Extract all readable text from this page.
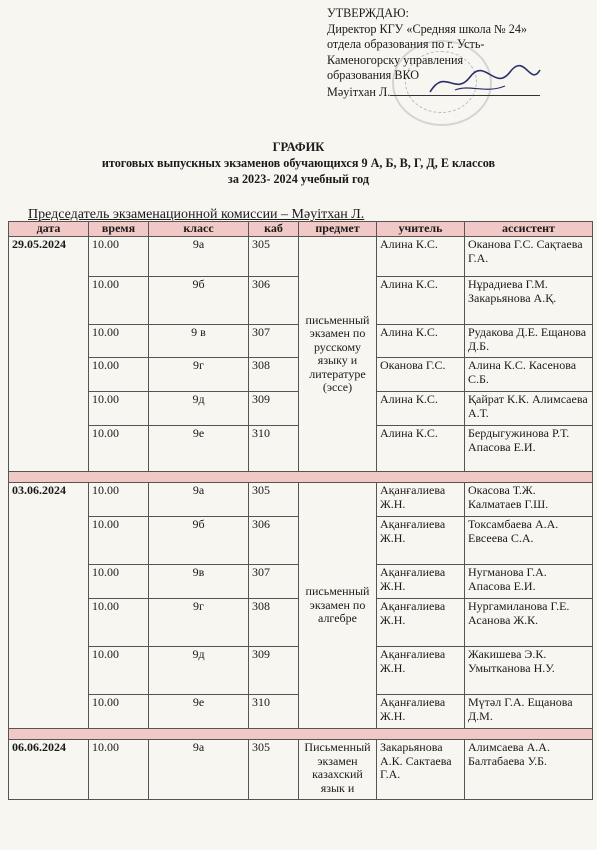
УТВЕРЖДАЮ:
Директор КГУ «Средняя школа № 24»
отдела образования по г. Усть-
Каменогорску управления
образования ВКО
Мәуітхан Л.
ГРАФИК
итоговых выпускных экзаменов обучающихся 9 А, Б, В, Г, Д, Е классов
за 2023- 2024 учебный год
Председатель экзаменационной комиссии – Мәуітхан Л.
дата	время	класс	каб	предмет	учитель	ассистент
29.05.2024	10.00	9а	305	письменный экзамен по русскому языку и литературе (эссе)	Алина К.С.	Оканова Г.С. Сақтаева Г.А.
	10.00	9б	306		Алина К.С.	Нұрадиева Г.М. Закарьянова А.Қ.
	10.00	9 в	307		Алина К.С.	Рудакова Д.Е. Ещанова Д.Б.
	10.00	9г	308		Оканова Г.С.	Алина К.С. Касенова С.Б.
	10.00	9д	309		Алина К.С.	Қайрат К.К. Алимсаева А.Т.
	10.00	9е	310		Алина К.С.	Бердыгужинова Р.Т. Апасова Е.И.

03.06.2024	10.00	9а	305	письменный экзамен по алгебре	Ақанғалиева Ж.Н.	Окасова Т.Ж. Калматаев Г.Ш.
	10.00	9б	306		Ақанғалиева Ж.Н.	Токсамбаева А.А. Евсеева С.А.
	10.00	9в	307		Ақанғалиева Ж.Н.	Нугманова Г.А. Апасова Е.И.
	10.00	9г	308		Ақанғалиева Ж.Н.	Нургамиланова Г.Е. Асанова Ж.К.
	10.00	9д	309		Ақанғалиева Ж.Н.	Жакишева Э.К. Умытканова Н.У.
	10.00	9е	310		Ақанғалиева Ж.Н.	Мүтәл Г.А. Ещанова Д.М.

06.06.2024	10.00	9а	305	Письменный экзамен казахский язык и	Закарьянова А.К. Сактаева Г.А.	Алимсаева А.А. Балтабаева У.Б.
